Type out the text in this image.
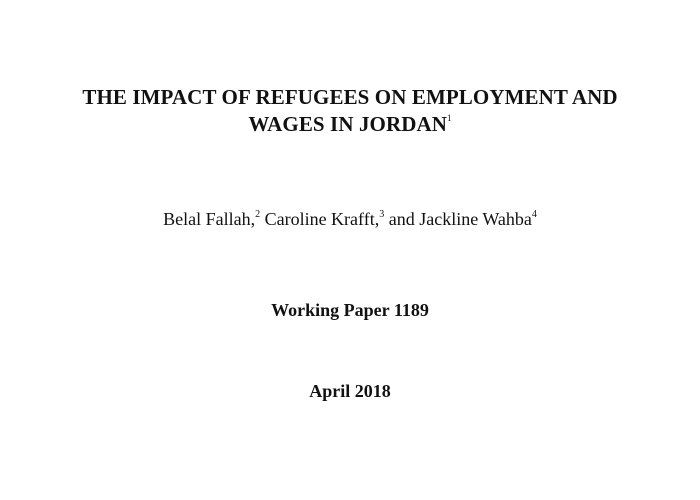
THE IMPACT OF REFUGEES ON EMPLOYMENT AND
WAGES IN JORDAN$^1$
Belal Fallah,$^2$ Caroline Krafft,$^3$ and Jackline Wahba$^4$
Working Paper 1189
April 2018
